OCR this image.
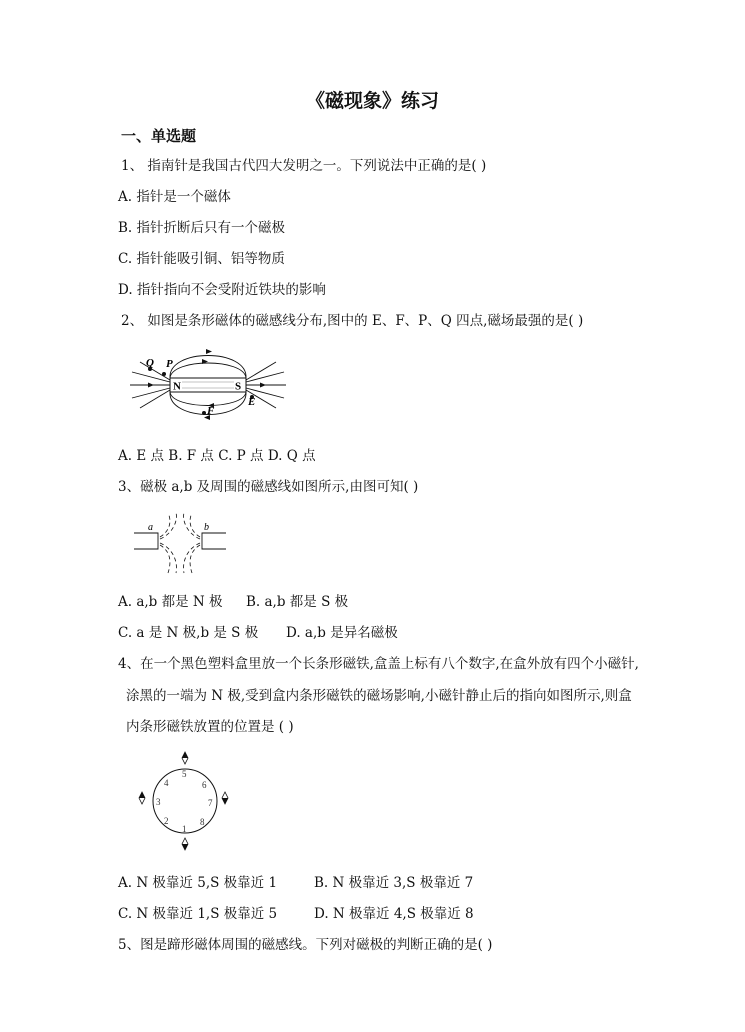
《磁现象》练习
一、单选题
1、 指南针是我国古代四大发明之一。下列说法中正确的是( )
A. 指针是一个磁体
B. 指针折断后只有一个磁极
C. 指针能吸引铜、铝等物质
D. 指针指向不会受附近铁块的影响
2、 如图是条形磁体的磁感线分布,图中的 E、F、P、Q 四点,磁场最强的是( )
N	S
Q P
E
F
A. E 点 B. F 点 C. P 点 D. Q 点
3、磁极 a,b 及周围的磁感线如图所示,由图可知( )
a	b
A. a,b 都是 N 极 B. a,b 都是 S 极
C. a 是 N 极,b 是 S 极 D. a,b 是异名磁极
4、在一个黑色塑料盒里放一个长条形磁铁,盒盖上标有八个数字,在盒外放有四个小磁针,
涂黑的一端为 N 极,受到盒内条形磁铁的磁场影响,小磁针静止后的指向如图所示,则盒
内条形磁铁放置的位置是 ( )
5
4	6
3	7
2	8
1
A. N 极靠近 5,S 极靠近 1	B. N 极靠近 3,S 极靠近 7
C. N 极靠近 1,S 极靠近 5	D. N 极靠近 4,S 极靠近 8
5、图是蹄形磁体周围的磁感线。下列对磁极的判断正确的是( )
